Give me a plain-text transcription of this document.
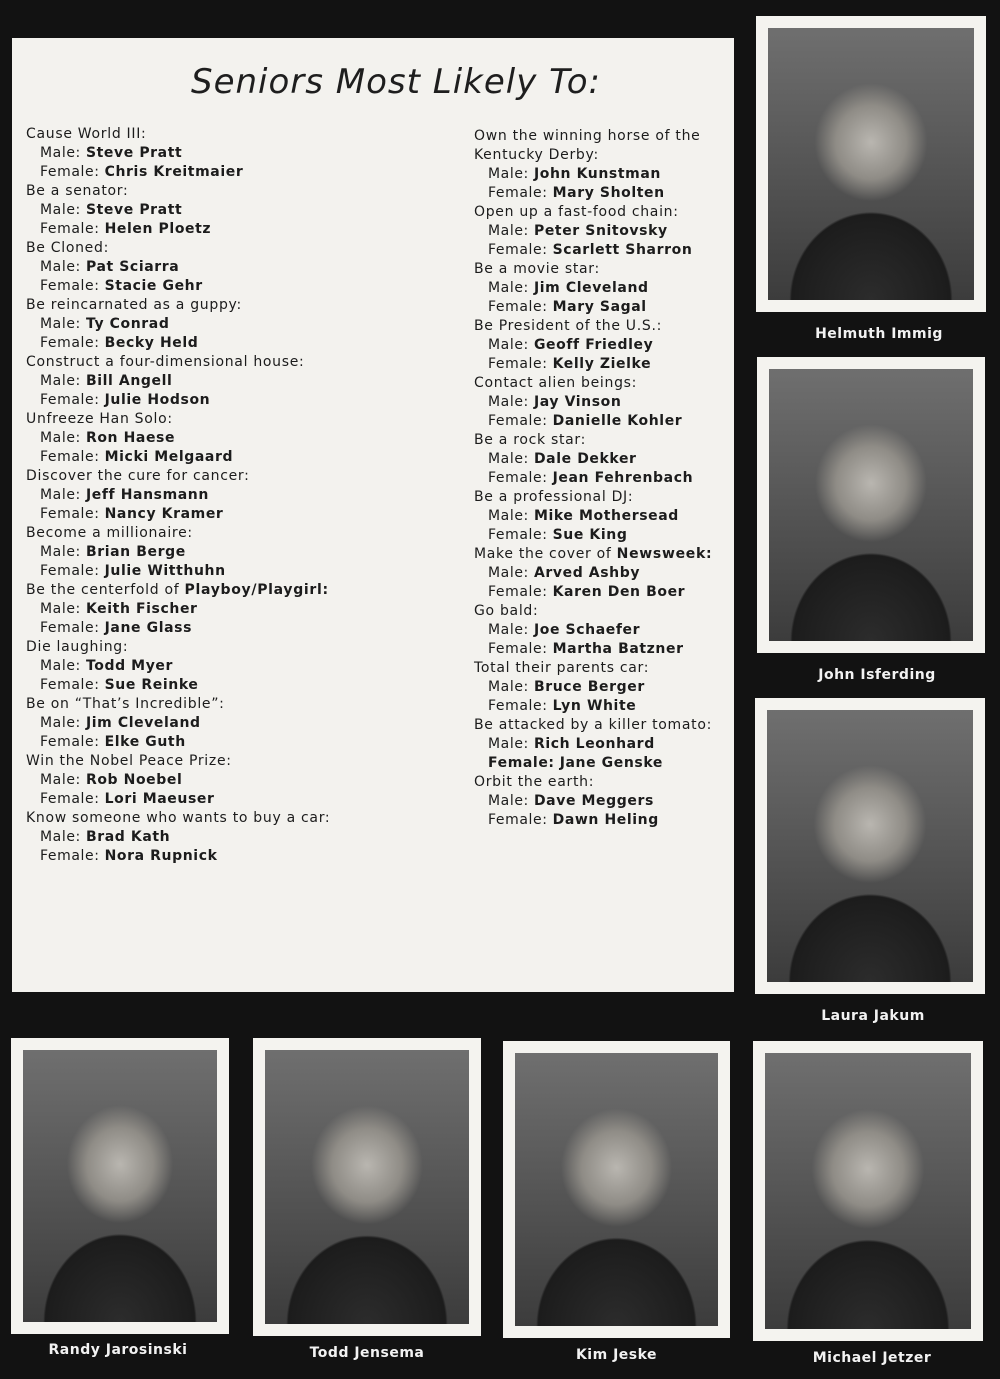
Seniors Most Likely To:
Cause World III:
Male: Steve Pratt
Female: Chris Kreitmaier
Be a senator:
Male: Steve Pratt
Female: Helen Ploetz
Be Cloned:
Male: Pat Sciarra
Female: Stacie Gehr
Be reincarnated as a guppy:
Male: Ty Conrad
Female: Becky Held
Construct a four-dimensional house:
Male: Bill Angell
Female: Julie Hodson
Unfreeze Han Solo:
Male: Ron Haese
Female: Micki Melgaard
Discover the cure for cancer:
Male: Jeff Hansmann
Female: Nancy Kramer
Become a millionaire:
Male: Brian Berge
Female: Julie Witthuhn
Be the centerfold of Playboy/Playgirl:
Male: Keith Fischer
Female: Jane Glass
Die laughing:
Male: Todd Myer
Female: Sue Reinke
Be on “That’s Incredible”:
Male: Jim Cleveland
Female: Elke Guth
Win the Nobel Peace Prize:
Male: Rob Noebel
Female: Lori Maeuser
Know someone who wants to buy a car:
Male: Brad Kath
Female: Nora Rupnick
Own the winning horse of the Kentucky Derby:
Male: John Kunstman
Female: Mary Sholten
Open up a fast-food chain:
Male: Peter Snitovsky
Female: Scarlett Sharron
Be a movie star:
Male: Jim Cleveland
Female: Mary Sagal
Be President of the U.S.:
Male: Geoff Friedley
Female: Kelly Zielke
Contact alien beings:
Male: Jay Vinson
Female: Danielle Kohler
Be a rock star:
Male: Dale Dekker
Female: Jean Fehrenbach
Be a professional DJ:
Male: Mike Mothersead
Female: Sue King
Make the cover of Newsweek:
Male: Arved Ashby
Female: Karen Den Boer
Go bald:
Male: Joe Schaefer
Female: Martha Batzner
Total their parents car:
Male: Bruce Berger
Female: Lyn White
Be attacked by a killer tomato:
Male: Rich Leonhard
Female: Jane Genske
Orbit the earth:
Male: Dave Meggers
Female: Dawn Heling
Helmuth Immig
John Isferding
Laura Jakum
Randy Jarosinski	Todd Jensema	Kim Jeske	Michael Jetzer
